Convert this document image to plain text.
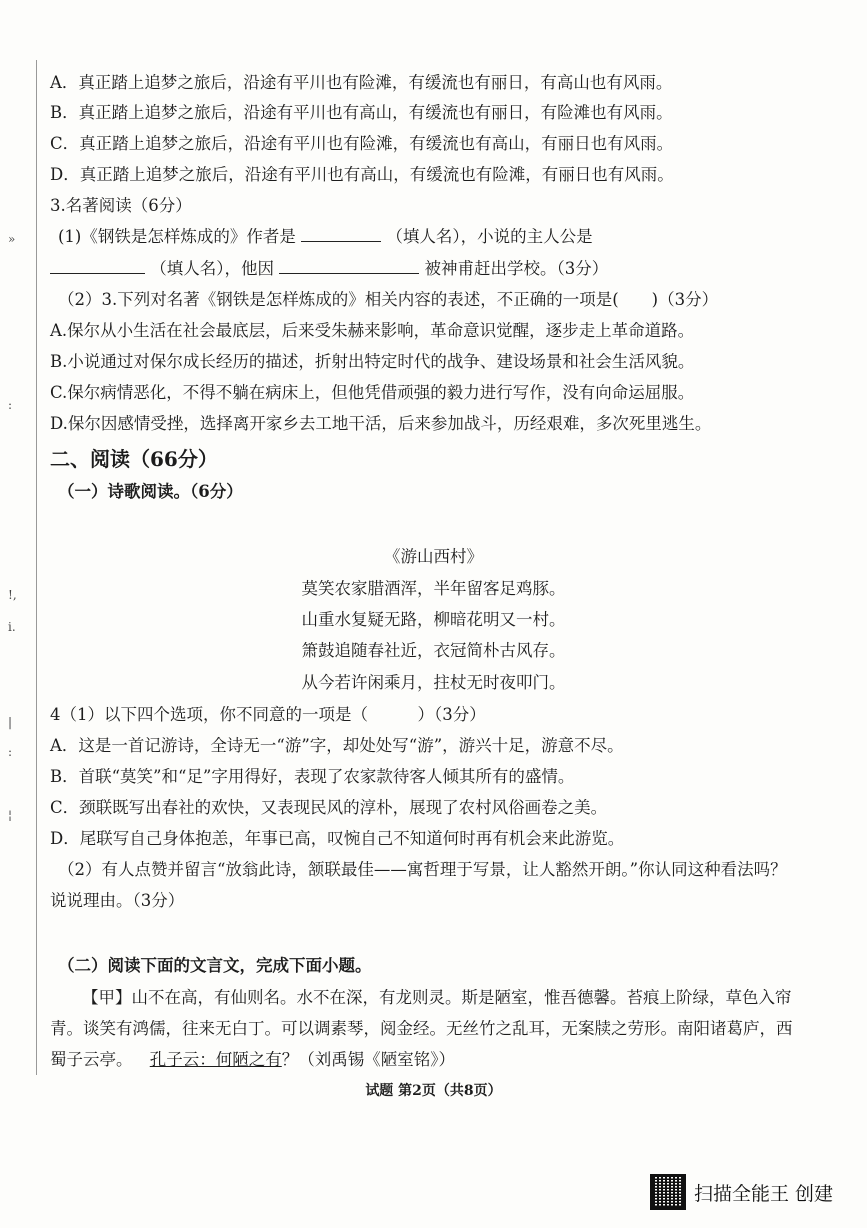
»
:
!,
i.
|
:
¦
A．真正踏上追梦之旅后，沿途有平川也有险滩，有缓流也有丽日，有高山也有风雨。
B．真正踏上追梦之旅后，沿途有平川也有高山，有缓流也有丽日，有险滩也有风雨。
C．真正踏上追梦之旅后，沿途有平川也有险滩，有缓流也有高山，有丽日也有风雨。
D．真正踏上追梦之旅后，沿途有平川也有高山，有缓流也有险滩，有丽日也有风雨。
3.名著阅读（6分）
(1)《钢铁是怎样炼成的》作者是	（填人名），小说的主人公是
（填人名），他因	被神甫赶出学校。（3分）
（2）3.下列对名著《钢铁是怎样炼成的》相关内容的表述，不正确的一项是(　　)（3分）
A.保尔从小生活在社会最底层，后来受朱赫来影响，革命意识觉醒，逐步走上革命道路。
B.小说通过对保尔成长经历的描述，折射出特定时代的战争、建设场景和社会生活风貌。
C.保尔病情恶化，不得不躺在病床上，但他凭借顽强的毅力进行写作，没有向命运屈服。
D.保尔因感情受挫，选择离开家乡去工地干活，后来参加战斗，历经艰难，多次死里逃生。
二、阅读（66分）
（一）诗歌阅读。（6分）
《游山西村》
莫笑农家腊酒浑，半年留客足鸡豚。
山重水复疑无路，柳暗花明又一村。
箫鼓追随春社近，衣冠简朴古风存。
从今若许闲乘月，拄杖无时夜叩门。
4（1）以下四个选项，你不同意的一项是（　　　）（3分）
A．这是一首记游诗，全诗无一“游”字，却处处写“游”，游兴十足，游意不尽。
B．首联“莫笑”和“足”字用得好，表现了农家款待客人倾其所有的盛情。
C．颈联既写出春社的欢快，又表现民风的淳朴，展现了农村风俗画卷之美。
D．尾联写自己身体抱恙，年事已高，叹惋自己不知道何时再有机会来此游览。
（2）有人点赞并留言“放翁此诗，颔联最佳——寓哲理于写景，让人豁然开朗。”你认同这种看法吗？
说说理由。（3分）
（二）阅读下面的文言文，完成下面小题。
【甲】山不在高，有仙则名。水不在深，有龙则灵。斯是陋室，惟吾德馨。苔痕上阶绿，草色入帘
青。谈笑有鸿儒，往来无白丁。可以调素琴，阅金经。无丝竹之乱耳，无案牍之劳形。南阳诸葛庐，西
蜀子云亭。 孔子云：何陋之有？（刘禹锡《陋室铭》）
试题 第2页（共8页）
扫描全能王 创建
